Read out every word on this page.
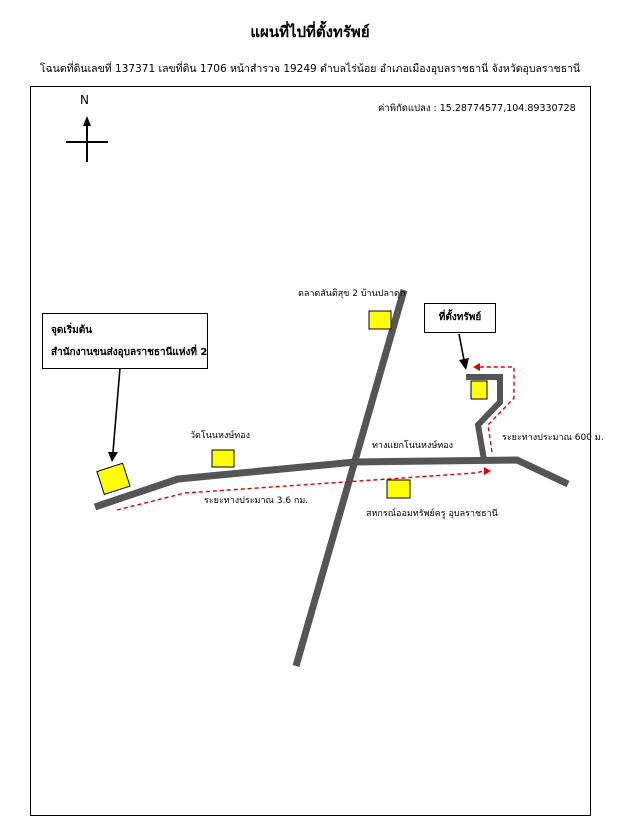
แผนที่ไปที่ตั้งทรัพย์
โฉนดที่ดินเลขที่ 137371 เลขที่ดิน 1706 หน้าสำรวจ 19249 ตำบลไร่น้อย อำเภอเมืองอุบลราชธานี จังหวัดอุบลราชธานี
ค่าพิกัดแปลง : 15.28774577,104.89330728
N
จุดเริ่มต้น
สำนักงานขนส่งอุบลราชธานีแห่งที่ 2
ที่ตั้งทรัพย์
ตลาดสันติสุข 2 บ้านปลาดุก
วัดโนนหงษ์ทอง
ทางแยกโนนหงษ์ทอง
สหกรณ์ออมทรัพย์ครู อุบลราชธานี
ระยะทางประมาณ 3.6 กม.
ระยะทางประมาณ 600 ม.
